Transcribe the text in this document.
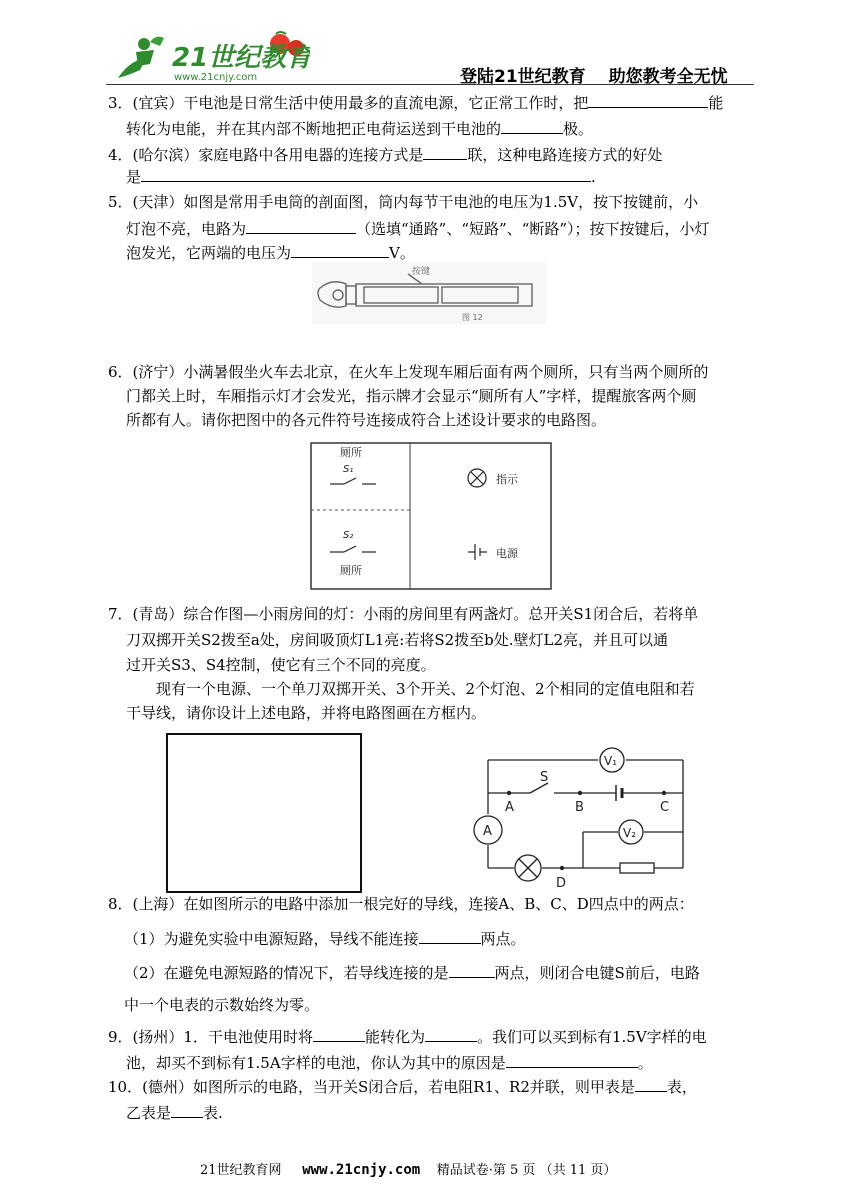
21世纪教育
www.21cnjy.com	登陆21世纪教育　 助您教考全无忧
3．(宜宾）干电池是日常生活中使用最多的直流电源，它正常工作时，把	能
转化为电能，并在其内部不断地把正电荷运送到干电池的	极。
4．(哈尔滨）家庭电路中各用电器的连接方式是	联，这种电路连接方式的好处
是	.
5．(天津）如图是常用手电筒的剖面图，筒内每节干电池的电压为1.5V，按下按键前，小
灯泡不亮，电路为	（选填“通路”、“短路”、“断路”）；按下按键后，小灯
泡发光，它两端的电压为	V。
按键
图 12
6．(济宁）小满暑假坐火车去北京，在火车上发现车厢后面有两个厕所，只有当两个厕所的
门都关上时，车厢指示灯才会发光，指示牌才会显示“厕所有人”字样，提醒旅客两个厕
所都有人。请你把图中的各元件符号连接成符合上述设计要求的电路图。
厕所
S₁
指示
S₂
厕所
电源
7．(青岛）综合作图—小雨房间的灯：小雨的房间里有两盏灯。总开关S1闭合后，若将单
刀双掷开关S2拨至a处，房间吸顶灯L1亮:若将S2拨至b处.壁灯L2亮，并且可以通
过开关S3、S4控制，使它有三个不同的亮度。
现有一个电源、一个单刀双掷开关、3个开关、2个灯泡、2个相同的定值电阻和若
干导线，请你设计上述电路，并将电路图画在方框内。
V₁
V₂
A
S
A	B	C
D
8．(上海）在如图所示的电路中添加一根完好的导线，连接A、B、C、D四点中的两点：
（1）为避免实验中电源短路，导线不能连接	两点。
（2）在避免电源短路的情况下，若导线连接的是	两点，则闭合电键S前后，电路
中一个电表的示数始终为零。
9．(扬州）1．干电池使用时将	能转化为	。我们可以买到标有1.5V字样的电
池，却买不到标有1.5A字样的电池，你认为其中的原因是	。
10．(德州）如图所示的电路，当开关S闭合后，若电阻R1、R2并联，则甲表是 表，
乙表是 表.
21世纪教育网 www.21cnjy.com 精品试卷·第 5 页 （共 11 页）
